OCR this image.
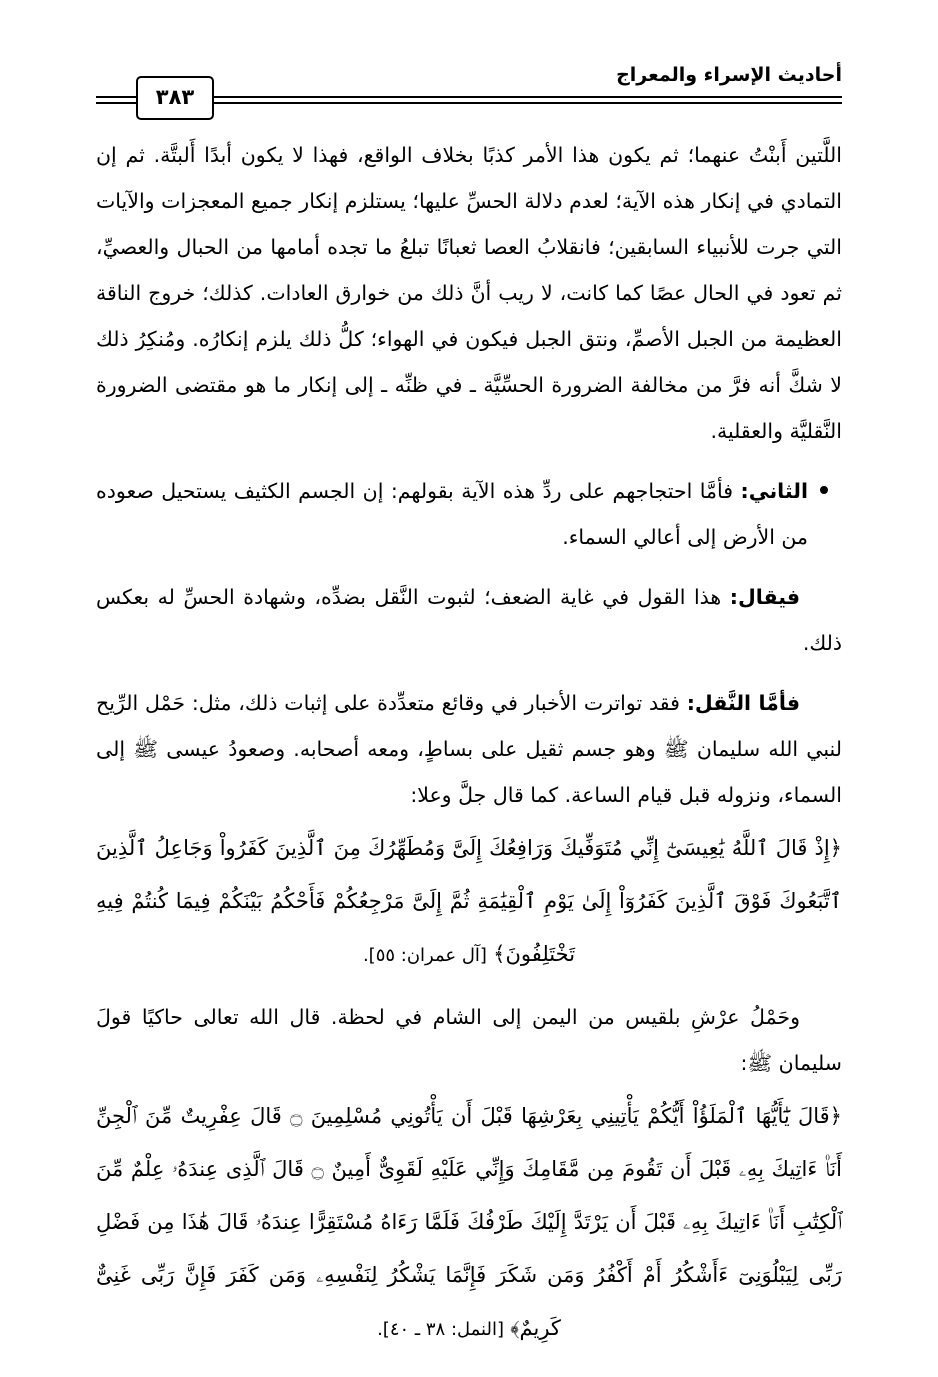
أحاديث الإسراء والمعراج
٣٨٣

اللَّتين أَبنْتُ عنهما؛ ثم يكون هذا الأمر كذبًا بخلاف الواقع، فهذا لا يكون أبدًا أَلبتَّة. ثم إن التمادي في إنكار هذه الآية؛ لعدم دلالة الحسِّ عليها؛ يستلزم إنكار جميع المعجزات والآيات التي جرت للأنبياء السابقين؛ فانقلابُ العصا ثعبانًا تبلعُ ما تجده أمامها من الحبال والعصيِّ، ثم تعود في الحال عصًا كما كانت، لا ريب أنَّ ذلك من خوارق العادات. كذلك؛ خروج الناقة العظيمة من الجبل الأصمِّ، ونتق الجبل فيكون في الهواء؛ كلُّ ذلك يلزم إنكارُه. ومُنكِرُ ذلك لا شكَّ أنه فرَّ من مخالفة الضرورة الحسِّيَّة ـ في ظنِّه ـ إلى إنكار ما هو مقتضى الضرورة النَّقليَّة والعقلية.

الثاني: فأمَّا احتجاجهم على ردِّ هذه الآية بقولهم: إن الجسم الكثيف يستحيل صعوده من الأرض إلى أعالي السماء.

فيقال: هذا القول في غاية الضعف؛ لثبوت النَّقل بضدِّه، وشهادة الحسِّ له بعكس ذلك.

فأمَّا النَّقل: فقد تواترت الأخبار في وقائع متعدِّدة على إثبات ذلك، مثل: حَمْل الرِّيح لنبي الله سليمان ﷺ وهو جسم ثقيل على بساطٍ، ومعه أصحابه. وصعودُ عيسى ﷺ إلى السماء، ونزوله قبل قيام الساعة. كما قال جلَّ وعلا:

﴿إِذْ قَالَ ٱللَّهُ يَٰعِيسَىٰٓ إِنِّي مُتَوَفِّيكَ وَرَافِعُكَ إِلَىَّ وَمُطَهِّرُكَ مِنَ ٱلَّذِينَ كَفَرُواْ وَجَاعِلُ ٱلَّذِينَ ٱتَّبَعُوكَ فَوْقَ ٱلَّذِينَ كَفَرُوٓاْ إِلَىٰ يَوْمِ ٱلْقِيَٰمَةِ ثُمَّ إِلَىَّ مَرْجِعُكُمْ فَأَحْكُمُ بَيْنَكُمْ فِيمَا كُنتُمْ فِيهِ تَخْتَلِفُونَ﴾ [آل عمران: ٥٥].

وحَمْلُ عرْشِ بلقيس من اليمن إلى الشام في لحظة. قال الله تعالى حاكيًا قولَ سليمان ﷺ:

﴿قَالَ يَٰٓأَيُّهَا ٱلْمَلَؤُاْ أَيُّكُمْ يَأْتِينِي بِعَرْشِهَا قَبْلَ أَن يَأْتُونِي مُسْلِمِينَ ۝ قَالَ عِفْرِيتٌ مِّنَ ٱلْجِنِّ أَنَا۠ ءَاتِيكَ بِهِۦ قَبْلَ أَن تَقُومَ مِن مَّقَامِكَ وَإِنِّي عَلَيْهِ لَقَوِىٌّ أَمِينٌ ۝ قَالَ ٱلَّذِى عِندَهُۥ عِلْمٌ مِّنَ ٱلْكِتَٰبِ أَنَا۠ ءَاتِيكَ بِهِۦ قَبْلَ أَن يَرْتَدَّ إِلَيْكَ طَرْفُكَ فَلَمَّا رَءَاهُ مُسْتَقِرًّا عِندَهُۥ قَالَ هَٰذَا مِن فَضْلِ رَبِّى لِيَبْلُوَنِىٓ ءَأَشْكُرُ أَمْ أَكْفُرُ وَمَن شَكَرَ فَإِنَّمَا يَشْكُرُ لِنَفْسِهِۦ وَمَن كَفَرَ فَإِنَّ رَبِّى غَنِىٌّ كَرِيمٌ﴾ [النمل: ٣٨ ـ ٤٠].
